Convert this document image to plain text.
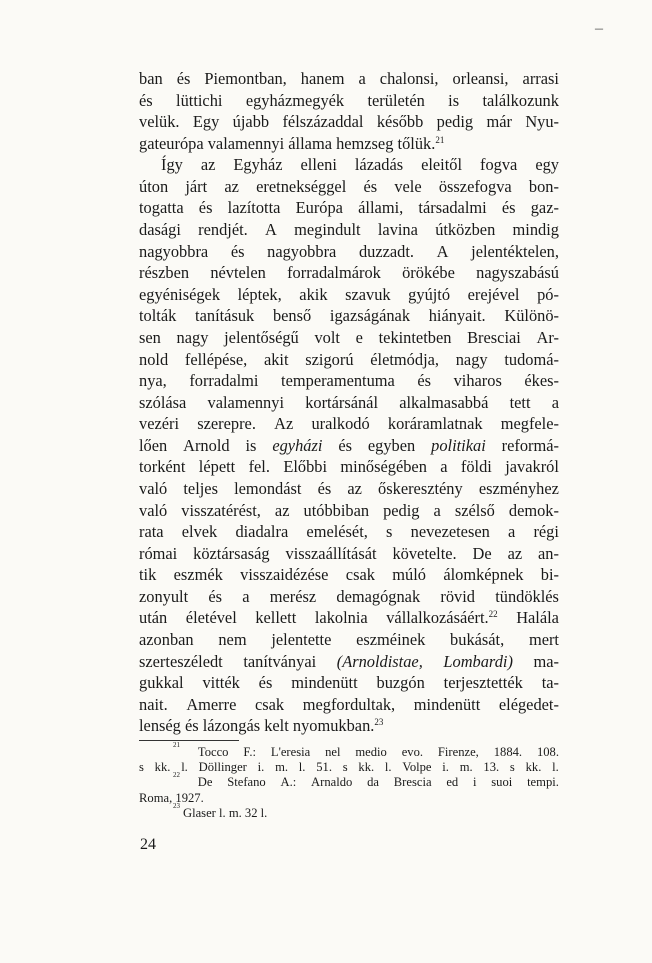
–
ban és Piemontban, hanem a chalonsi, orleansi, arrasi
és lüttichi egyházmegyék területén is találkozunk
velük. Egy újabb félszázaddal később pedig már Nyu-
gateurópa valamennyi állama hemzseg tőlük.$^{21}$
Így az Egyház elleni lázadás eleitől fogva egy
úton járt az eretnekséggel és vele összefogva bon-
togatta és lazította Európa állami, társadalmi és gaz-
dasági rendjét. A megindult lavina útközben mindig
nagyobbra és nagyobbra duzzadt. A jelentéktelen,
részben névtelen forradalmárok örökébe nagyszabású
egyéniségek léptek, akik szavuk gyújtó erejével pó-
tolták tanításuk benső igazságának hiányait. Különö-
sen nagy jelentőségű volt e tekintetben Bresciai Ar-
nold fellépése, akit szigorú életmódja, nagy tudomá-
nya, forradalmi temperamentuma és viharos ékes-
szólása valamennyi kortársánál alkalmasabbá tett a
vezéri szerepre. Az uralkodó koráramlatnak megfele-
lően Arnold is egyházi és egyben politikai reformá-
torként lépett fel. Előbbi minőségében a földi javakról
való teljes lemondást és az őskeresztény eszményhez
való visszatérést, az utóbbiban pedig a szélső demok-
rata elvek diadalra emelését, s nevezetesen a régi
római köztársaság visszaállítását követelte. De az an-
tik eszmék visszaidézése csak múló álomképnek bi-
zonyult és a merész demagógnak rövid tündöklés
után életével kellett lakolnia vállalkozásáért.$^{22}$ Halála
azonban nem jelentette eszméinek bukását, mert
szerteszéledt tanítványai (Arnoldistae, Lombardi) ma-
gukkal vitték és mindenütt buzgón terjesztették ta-
nait. Amerre csak megfordultak, mindenütt elégedet-
lenség és lázongás kelt nyomukban.$^{23}$
21 Tocco F.: L'eresia nel medio evo. Firenze, 1884. 108.
s kk. l. Döllinger i. m. l. 51. s kk. l. Volpe i. m. 13. s kk. l.
22 De Stefano A.: Arnaldo da Brescia ed i suoi tempi.
Roma, 1927.
23 Glaser l. m. 32 l.
24
